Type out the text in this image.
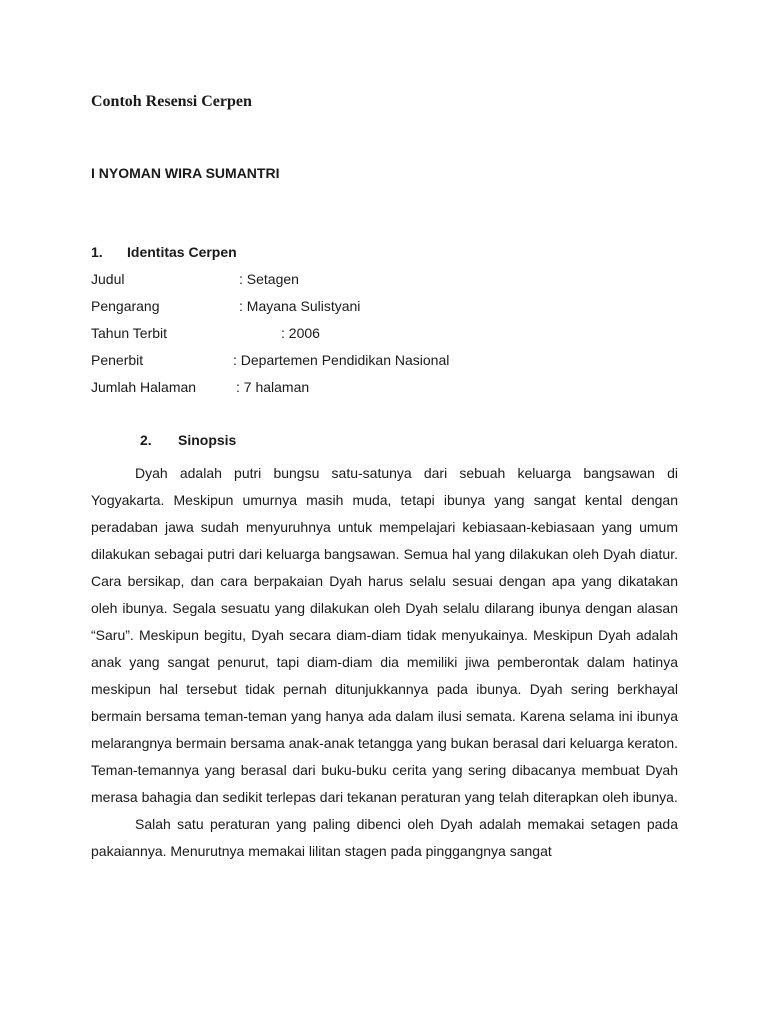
Contoh Resensi Cerpen
I NYOMAN WIRA SUMANTRI
1. Identitas Cerpen
Judul	: Setagen
Pengarang	: Mayana Sulistyani
Tahun Terbit	: 2006
Penerbit	: Departemen Pendidikan Nasional
Jumlah Halaman	: 7 halaman
2. Sinopsis

Dyah adalah putri bungsu satu-satunya dari sebuah keluarga bangsawan di Yogyakarta. Meskipun umurnya masih muda, tetapi ibunya yang sangat kental dengan peradaban jawa sudah menyuruhnya untuk mempelajari kebiasaan-kebiasaan yang umum dilakukan sebagai putri dari keluarga bangsawan. Semua hal yang dilakukan oleh Dyah diatur. Cara bersikap, dan cara berpakaian Dyah harus selalu sesuai dengan apa yang dikatakan oleh ibunya. Segala sesuatu yang dilakukan oleh Dyah selalu dilarang ibunya dengan alasan “Saru”. Meskipun begitu, Dyah secara diam-diam tidak menyukainya. Meskipun Dyah adalah anak yang sangat penurut, tapi diam-diam dia memiliki jiwa pemberontak dalam hatinya meskipun hal tersebut tidak pernah ditunjukkannya pada ibunya. Dyah sering berkhayal bermain bersama teman-teman yang hanya ada dalam ilusi semata. Karena selama ini ibunya melarangnya bermain bersama anak-anak tetangga yang bukan berasal dari keluarga keraton. Teman-temannya yang berasal dari buku-buku cerita yang sering dibacanya membuat Dyah merasa bahagia dan sedikit terlepas dari tekanan peraturan yang telah diterapkan oleh ibunya.

Salah satu peraturan yang paling dibenci oleh Dyah adalah memakai setagen pada pakaiannya. Menurutnya memakai lilitan stagen pada pinggangnya sangat
